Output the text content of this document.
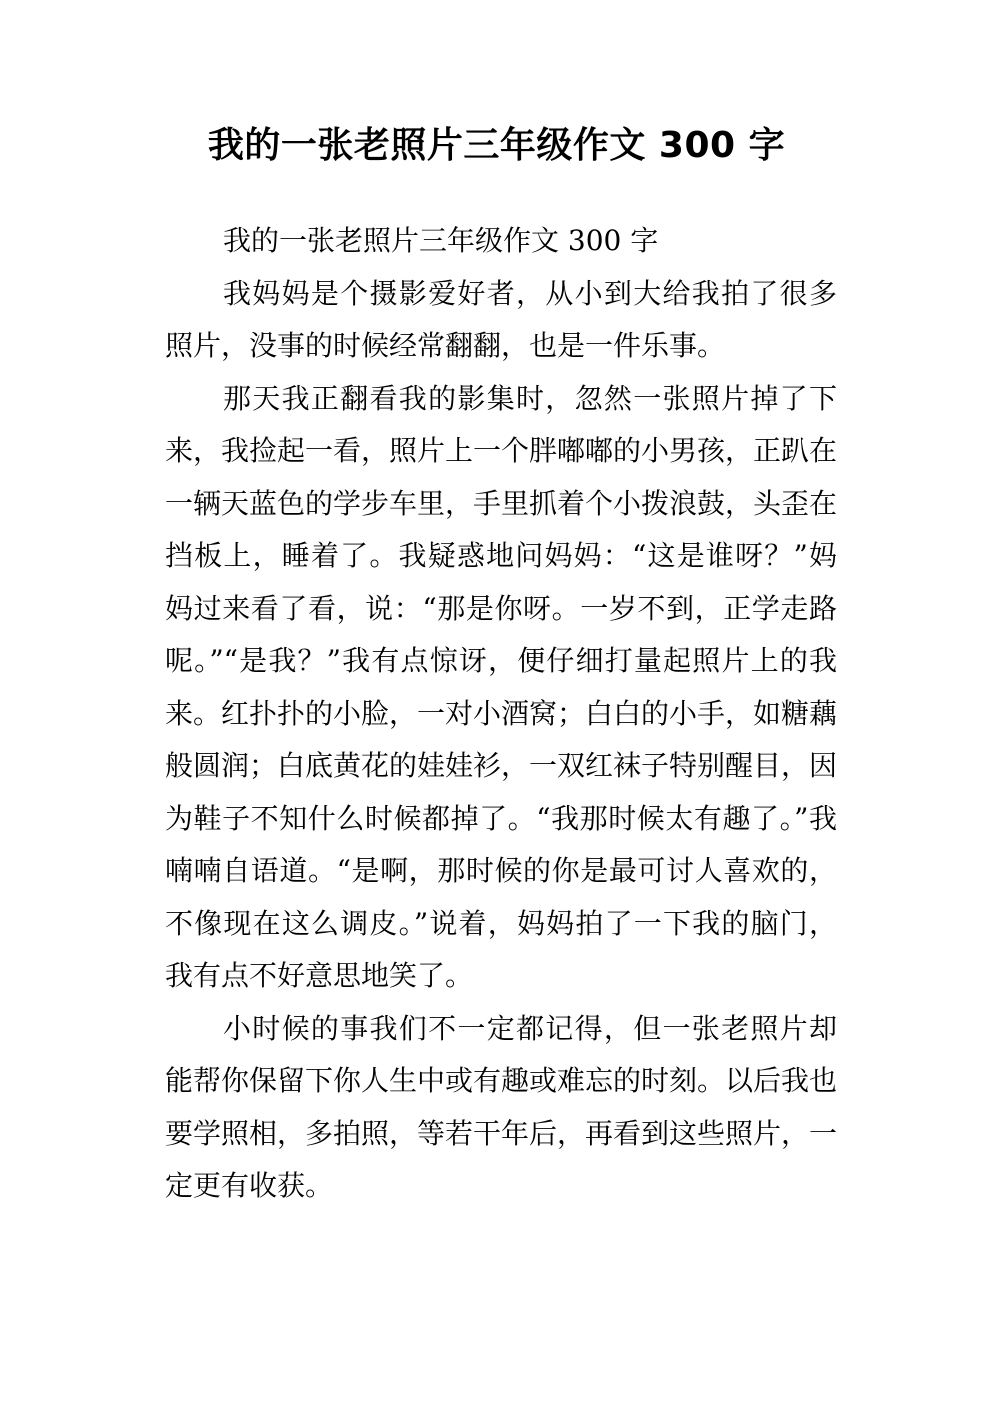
我的一张老照片三年级作文 300 字

我的一张老照片三年级作文 300 字

我妈妈是个摄影爱好者，从小到大给我拍了很多照片，没事的时候经常翻翻，也是一件乐事。

那天我正翻看我的影集时，忽然一张照片掉了下来，我捡起一看，照片上一个胖嘟嘟的小男孩，正趴在一辆天蓝色的学步车里，手里抓着个小拨浪鼓，头歪在挡板上，睡着了。我疑惑地问妈妈：“这是谁呀？”妈妈过来看了看，说：“那是你呀。一岁不到，正学走路呢。”“是我？”我有点惊讶，便仔细打量起照片上的我来。红扑扑的小脸，一对小酒窝；白白的小手，如糖藕般圆润；白底黄花的娃娃衫，一双红袜子特别醒目，因为鞋子不知什么时候都掉了。“我那时候太有趣了。”我喃喃自语道。“是啊，那时候的你是最可讨人喜欢的，不像现在这么调皮。”说着，妈妈拍了一下我的脑门，我有点不好意思地笑了。

小时候的事我们不一定都记得，但一张老照片却能帮你保留下你人生中或有趣或难忘的时刻。以后我也要学照相，多拍照，等若干年后，再看到这些照片，一定更有收获。
